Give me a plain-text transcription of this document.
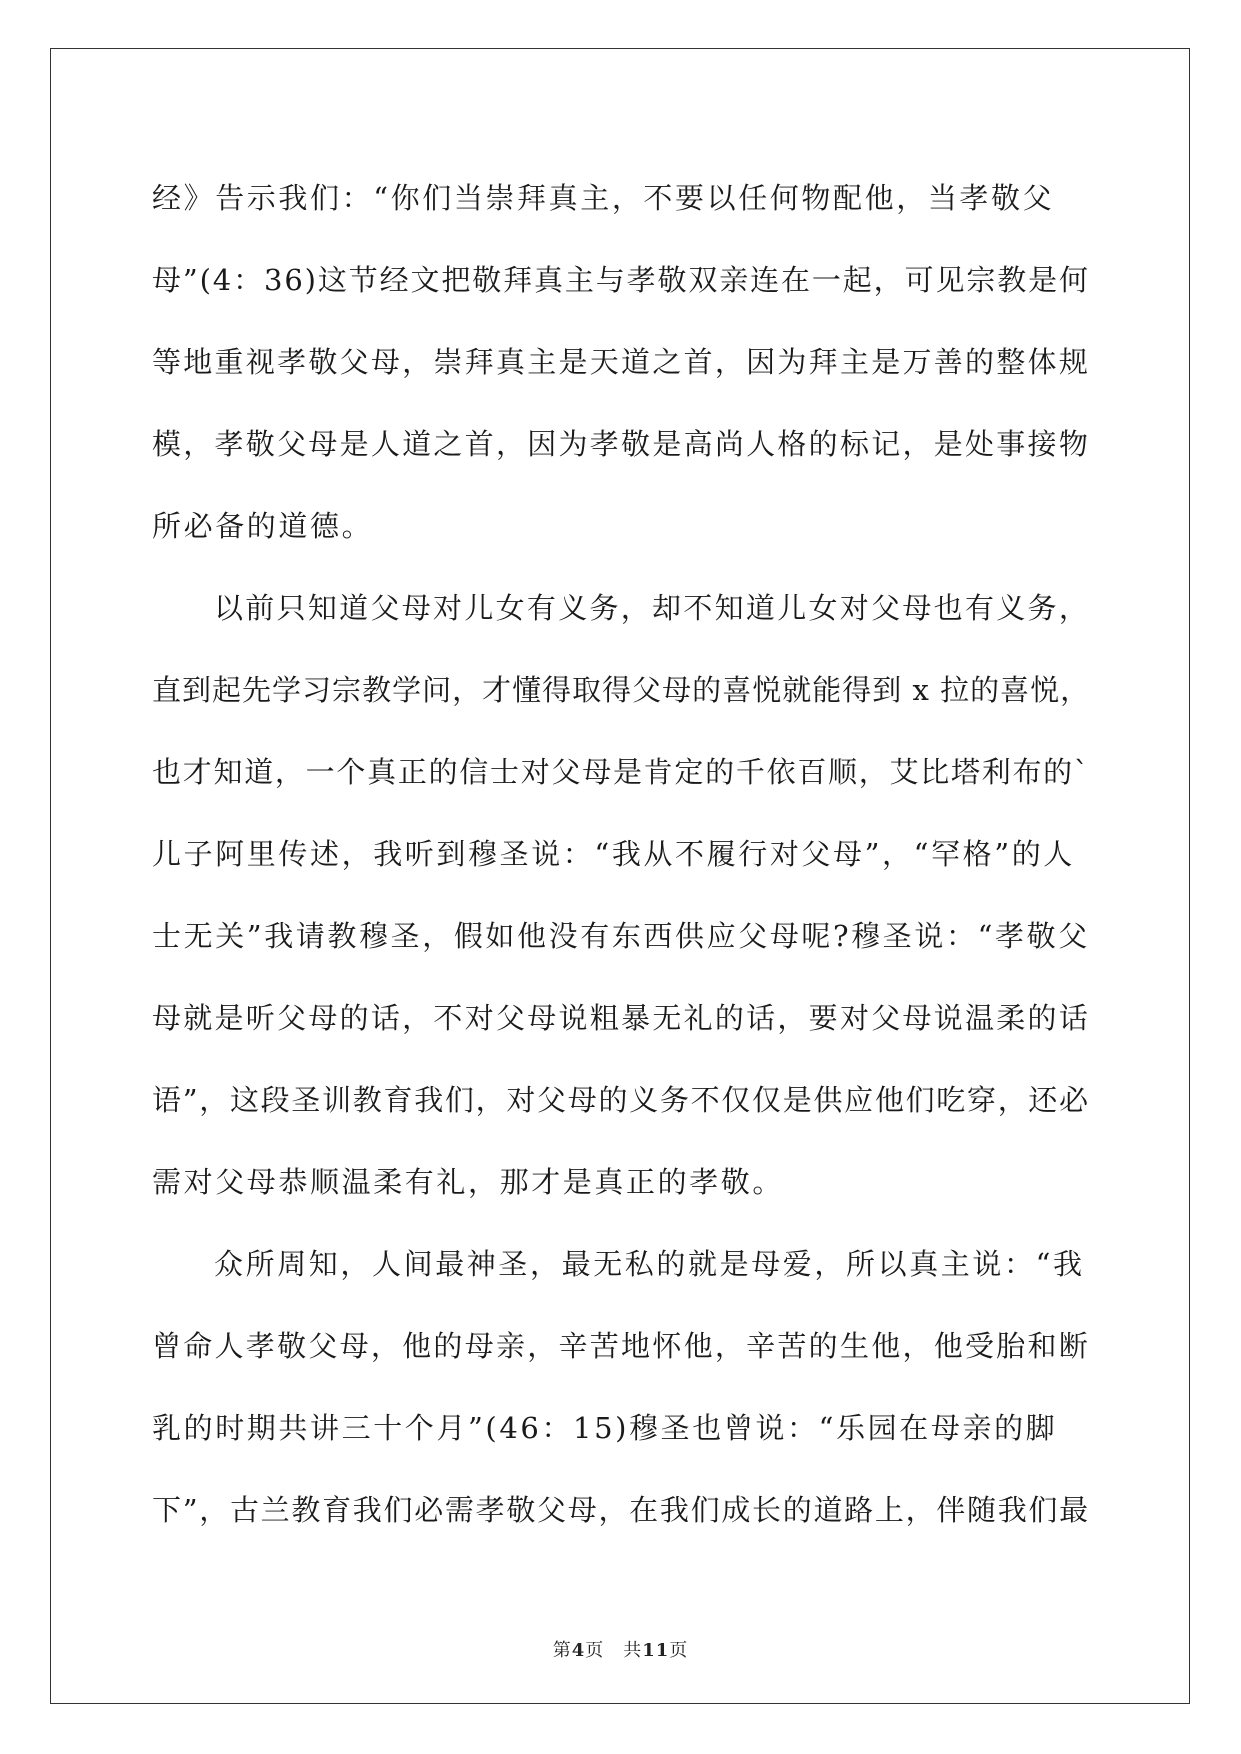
经》告示我们：“你们当崇拜真主，不要以任何物配他，当孝敬父
母”(4：36)这节经文把敬拜真主与孝敬双亲连在一起，可见宗教是何
等地重视孝敬父母，崇拜真主是天道之首，因为拜主是万善的整体规
模，孝敬父母是人道之首，因为孝敬是高尚人格的标记，是处事接物
所必备的道德。
以前只知道父母对儿女有义务，却不知道儿女对父母也有义务，
直到起先学习宗教学问，才懂得取得父母的喜悦就能得到 x 拉的喜悦，
也才知道，一个真正的信士对父母是肯定的千依百顺，艾比塔利布的`
儿子阿里传述，我听到穆圣说：“我从不履行对父母”，“罕格”的人
士无关”我请教穆圣，假如他没有东西供应父母呢?穆圣说：“孝敬父
母就是听父母的话，不对父母说粗暴无礼的话，要对父母说温柔的话
语”，这段圣训教育我们，对父母的义务不仅仅是供应他们吃穿，还必
需对父母恭顺温柔有礼，那才是真正的孝敬。
众所周知，人间最神圣，最无私的就是母爱，所以真主说：“我
曾命人孝敬父母，他的母亲，辛苦地怀他，辛苦的生他，他受胎和断
乳的时期共讲三十个月”(46：15)穆圣也曾说：“乐园在母亲的脚
下”，古兰教育我们必需孝敬父母，在我们成长的道路上，伴随我们最
第4页　共11页
